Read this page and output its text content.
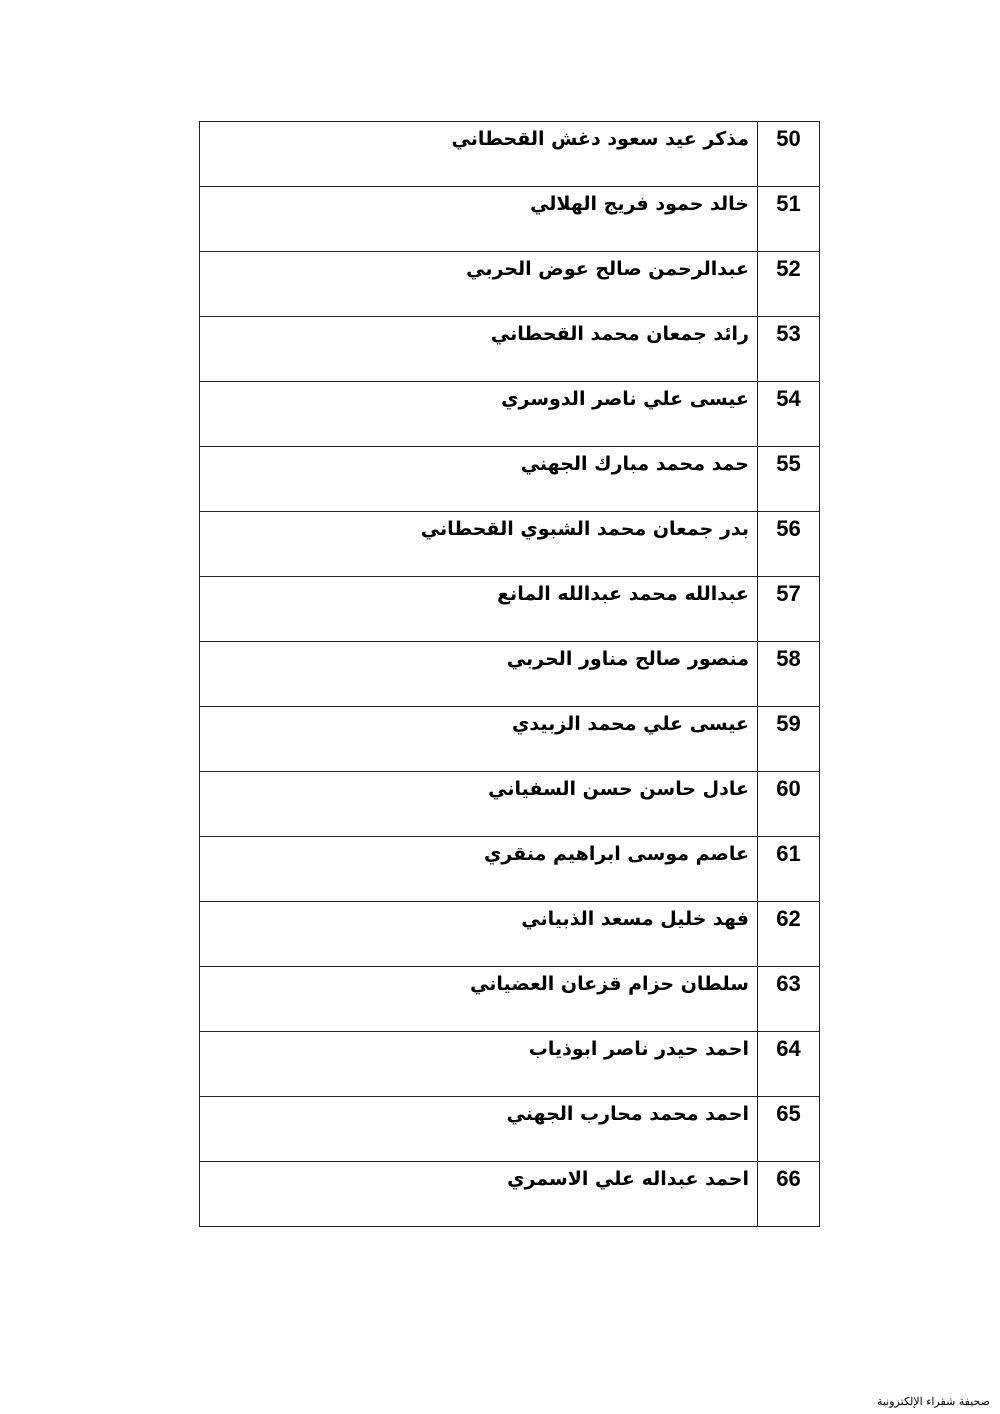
50	مذكر عيد سعود دغش القحطاني
51	خالد حمود فريج الهلالي
52	عبدالرحمن صالح عوض الحربي
53	رائد جمعان محمد القحطاني
54	عيسى علي ناصر الدوسري
55	حمد محمد مبارك الجهني
56	بدر جمعان محمد الشبوي القحطاني
57	عبدالله محمد عبدالله المانع
58	منصور صالح مناور الحربي
59	عيسى علي محمد الزبيدي
60	عادل حاسن حسن السفياني
61	عاصم موسى ابراهيم منقري
62	فهد خليل مسعد الذبياني
63	سلطان حزام قزعان العضياني
64	احمد حيدر ناصر ابوذياب
65	احمد محمد محارب الجهني
66	احمد عبداله علي الاسمري
صحيفة شقراء الإلكترونية
